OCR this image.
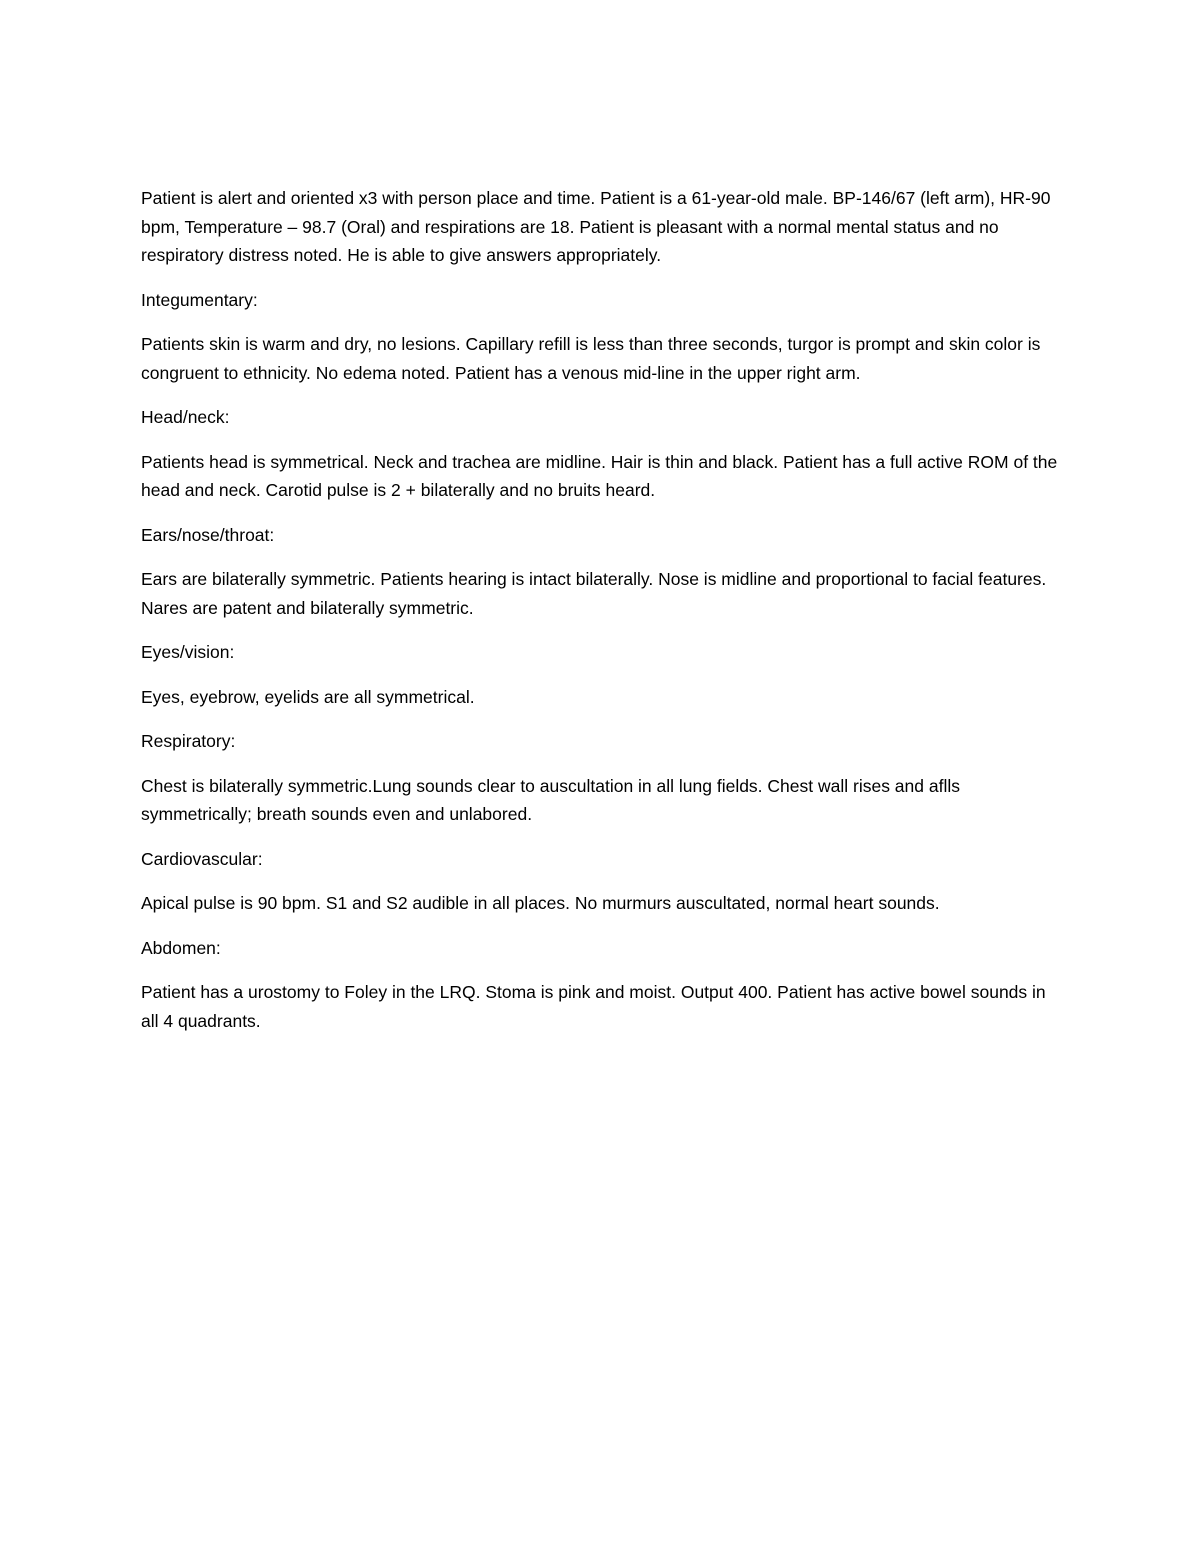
Patient is alert and oriented x3 with person place and time. Patient is a 61-year-old male. BP-146/67 (left arm), HR-90 bpm, Temperature – 98.7 (Oral) and respirations are 18. Patient is pleasant with a normal mental status and no respiratory distress noted. He is able to give answers appropriately.

Integumentary:

Patients skin is warm and dry, no lesions. Capillary refill is less than three seconds, turgor is prompt and skin color is congruent to ethnicity. No edema noted. Patient has a venous mid-line in the upper right arm.

Head/neck:

Patients head is symmetrical. Neck and trachea are midline. Hair is thin and black. Patient has a full active ROM of the head and neck. Carotid pulse is 2 + bilaterally and no bruits heard.

Ears/nose/throat:

Ears are bilaterally symmetric. Patients hearing is intact bilaterally. Nose is midline and proportional to facial features. Nares are patent and bilaterally symmetric.

Eyes/vision:

Eyes, eyebrow, eyelids are all symmetrical.

Respiratory:

Chest is bilaterally symmetric.Lung sounds clear to auscultation in all lung fields. Chest wall rises and aflls symmetrically; breath sounds even and unlabored.

Cardiovascular:

Apical pulse is 90 bpm. S1 and S2 audible in all places. No murmurs auscultated, normal heart sounds.

Abdomen:

Patient has a urostomy to Foley in the LRQ. Stoma is pink and moist. Output 400. Patient has active bowel sounds in all 4 quadrants.
